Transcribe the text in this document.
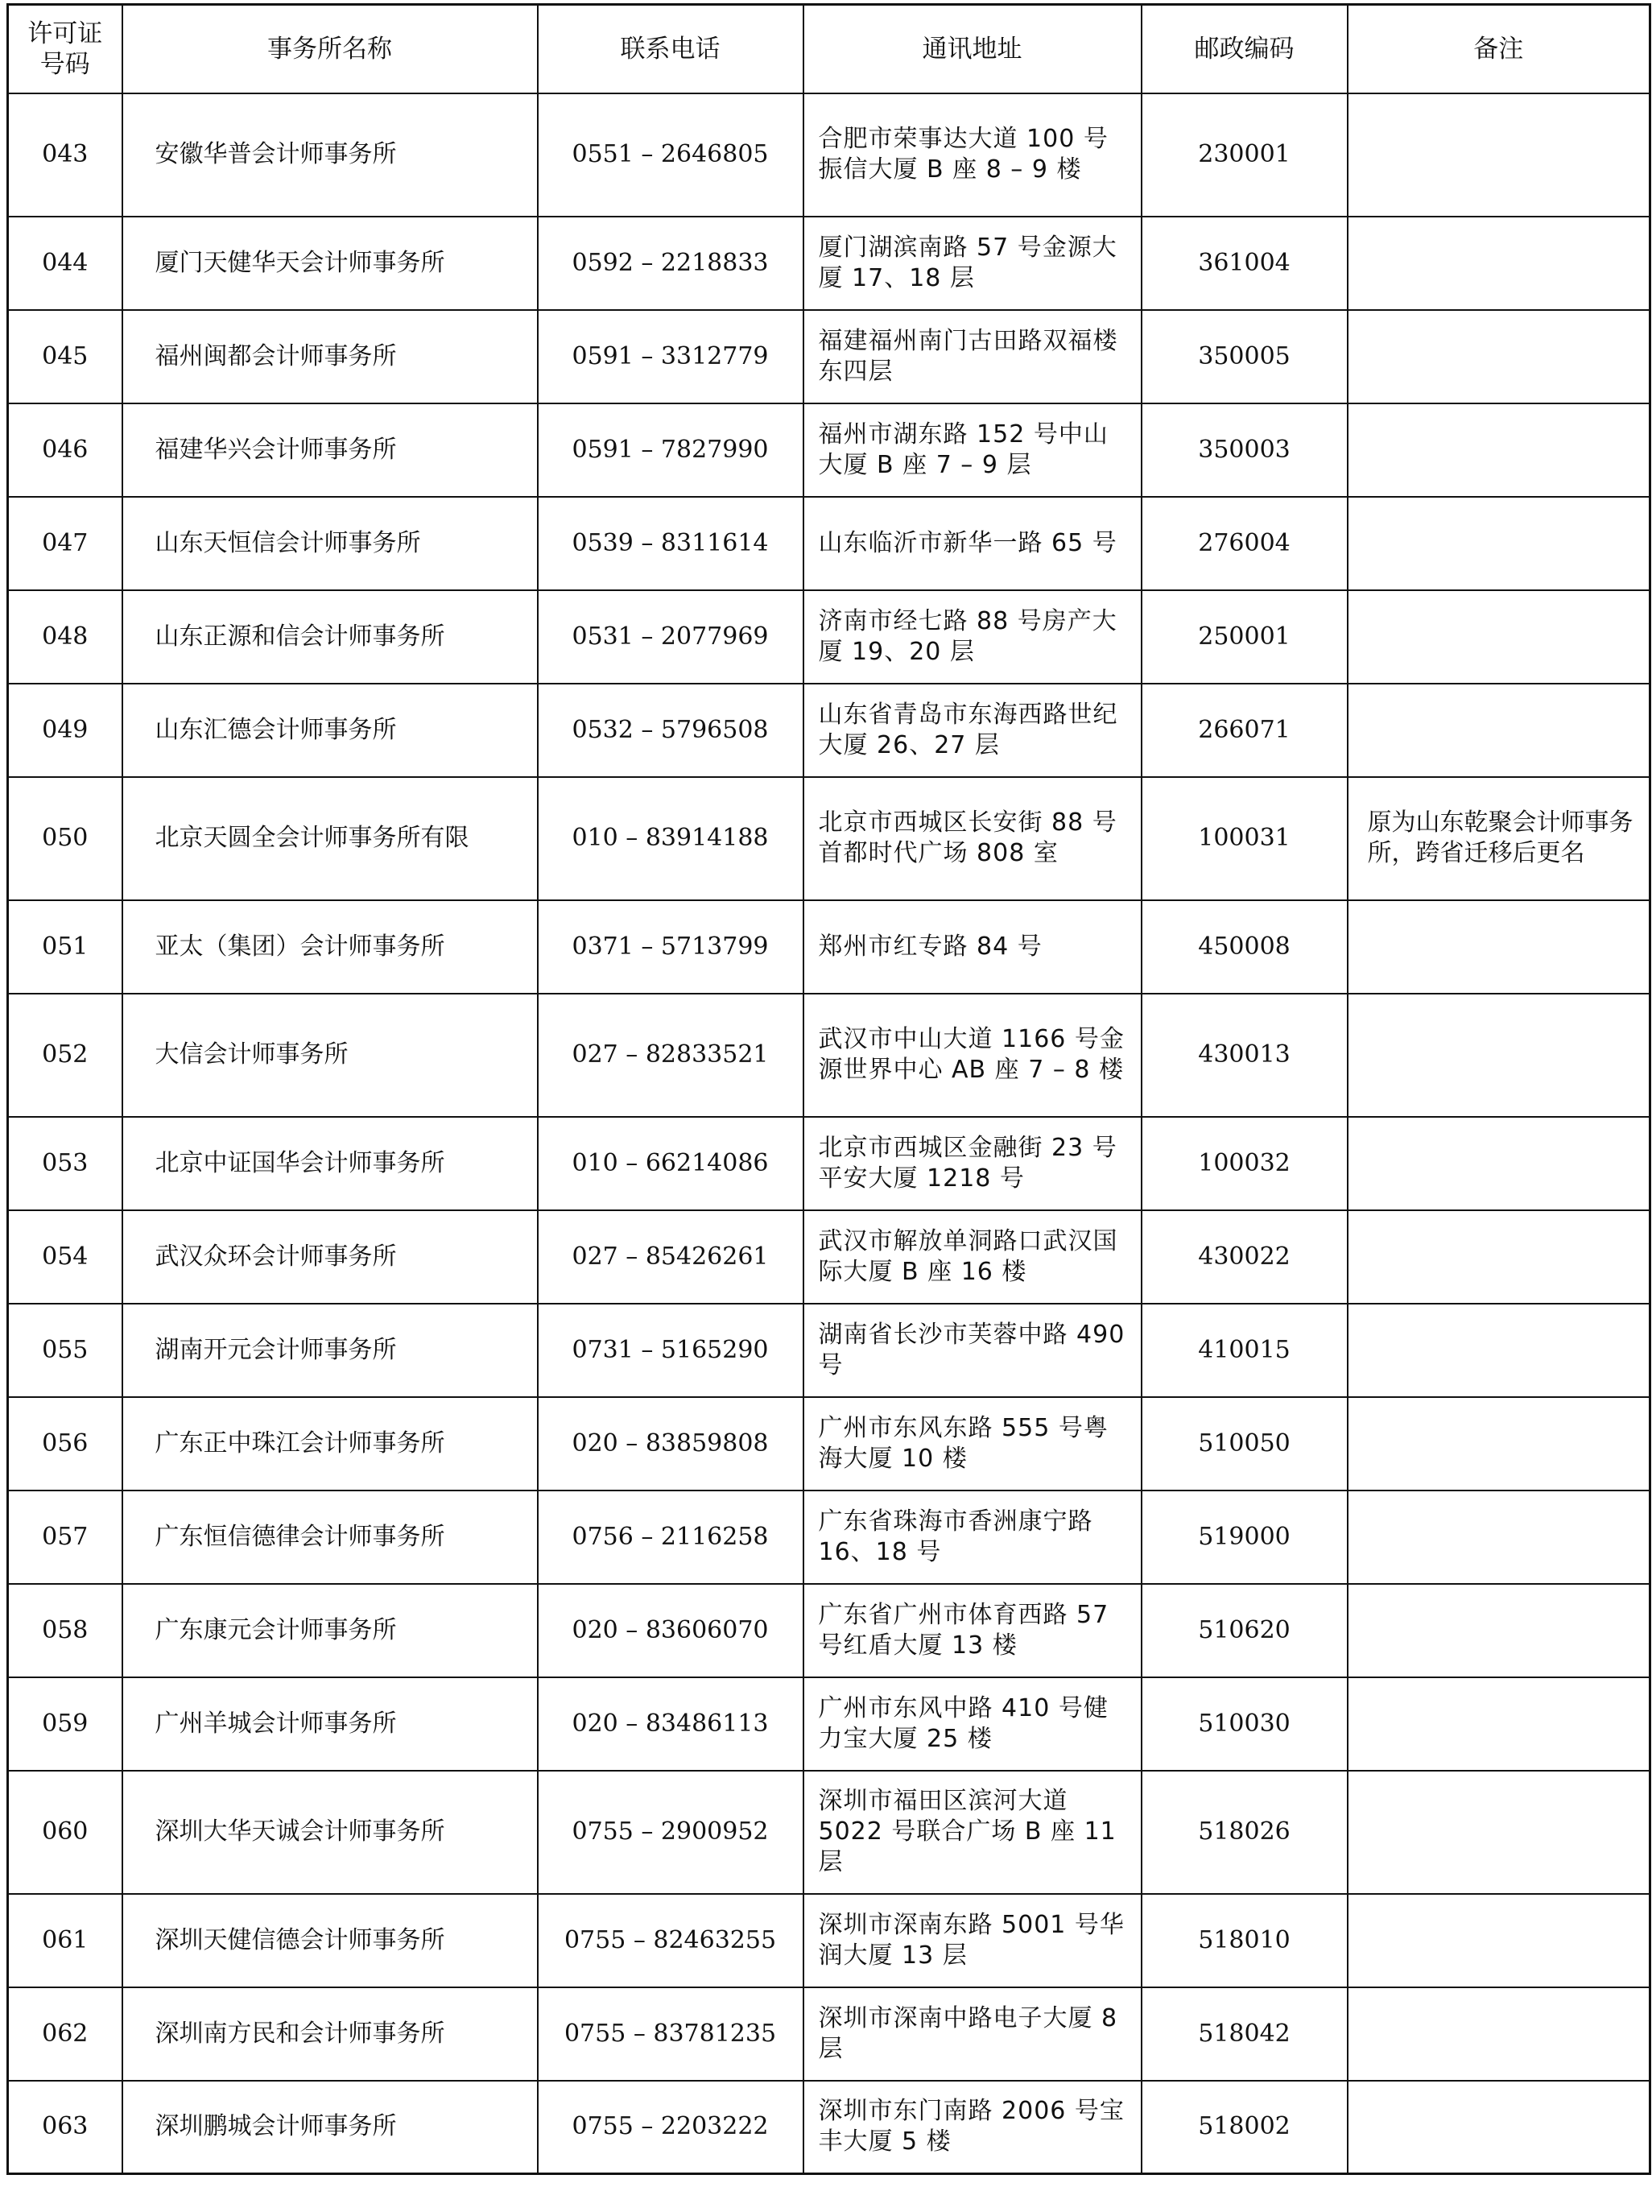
许可证号码	事务所名称	联系电话	通讯地址	邮政编码	备注
043	安徽华普会计师事务所	0551 – 2646805	合肥市荣事达大道 100 号振信大厦 B 座 8 – 9 楼	230001	
044	厦门天健华天会计师事务所	0592 – 2218833	厦门湖滨南路 57 号金源大厦 17、18 层	361004	
045	福州闽都会计师事务所	0591 – 3312779	福建福州南门古田路双福楼东四层	350005	
046	福建华兴会计师事务所	0591 – 7827990	福州市湖东路 152 号中山大厦 B 座 7 – 9 层	350003	
047	山东天恒信会计师事务所	0539 – 8311614	山东临沂市新华一路 65 号	276004	
048	山东正源和信会计师事务所	0531 – 2077969	济南市经七路 88 号房产大厦 19、20 层	250001	
049	山东汇德会计师事务所	0532 – 5796508	山东省青岛市东海西路世纪大厦 26、27 层	266071	
050	北京天圆全会计师事务所有限	010 – 83914188	北京市西城区长安街 88 号首都时代广场 808 室	100031	原为山东乾聚会计师事务所，跨省迁移后更名
051	亚太（集团）会计师事务所	0371 – 5713799	郑州市红专路 84 号	450008	
052	大信会计师事务所	027 – 82833521	武汉市中山大道 1166 号金源世界中心 AB 座 7 – 8 楼	430013	
053	北京中证国华会计师事务所	010 – 66214086	北京市西城区金融街 23 号平安大厦 1218 号	100032	
054	武汉众环会计师事务所	027 – 85426261	武汉市解放单洞路口武汉国际大厦 B 座 16 楼	430022	
055	湖南开元会计师事务所	0731 – 5165290	湖南省长沙市芙蓉中路 490 号	410015	
056	广东正中珠江会计师事务所	020 – 83859808	广州市东风东路 555 号粤海大厦 10 楼	510050	
057	广东恒信德律会计师事务所	0756 – 2116258	广东省珠海市香洲康宁路 16、18 号	519000	
058	广东康元会计师事务所	020 – 83606070	广东省广州市体育西路 57 号红盾大厦 13 楼	510620	
059	广州羊城会计师事务所	020 – 83486113	广州市东风中路 410 号健力宝大厦 25 楼	510030	
060	深圳大华天诚会计师事务所	0755 – 2900952	深圳市福田区滨河大道 5022 号联合广场 B 座 11 层	518026	
061	深圳天健信德会计师事务所	0755 – 82463255	深圳市深南东路 5001 号华润大厦 13 层	518010	
062	深圳南方民和会计师事务所	0755 – 83781235	深圳市深南中路电子大厦 8 层	518042	
063	深圳鹏城会计师事务所	0755 – 2203222	深圳市东门南路 2006 号宝丰大厦 5 楼	518002	
